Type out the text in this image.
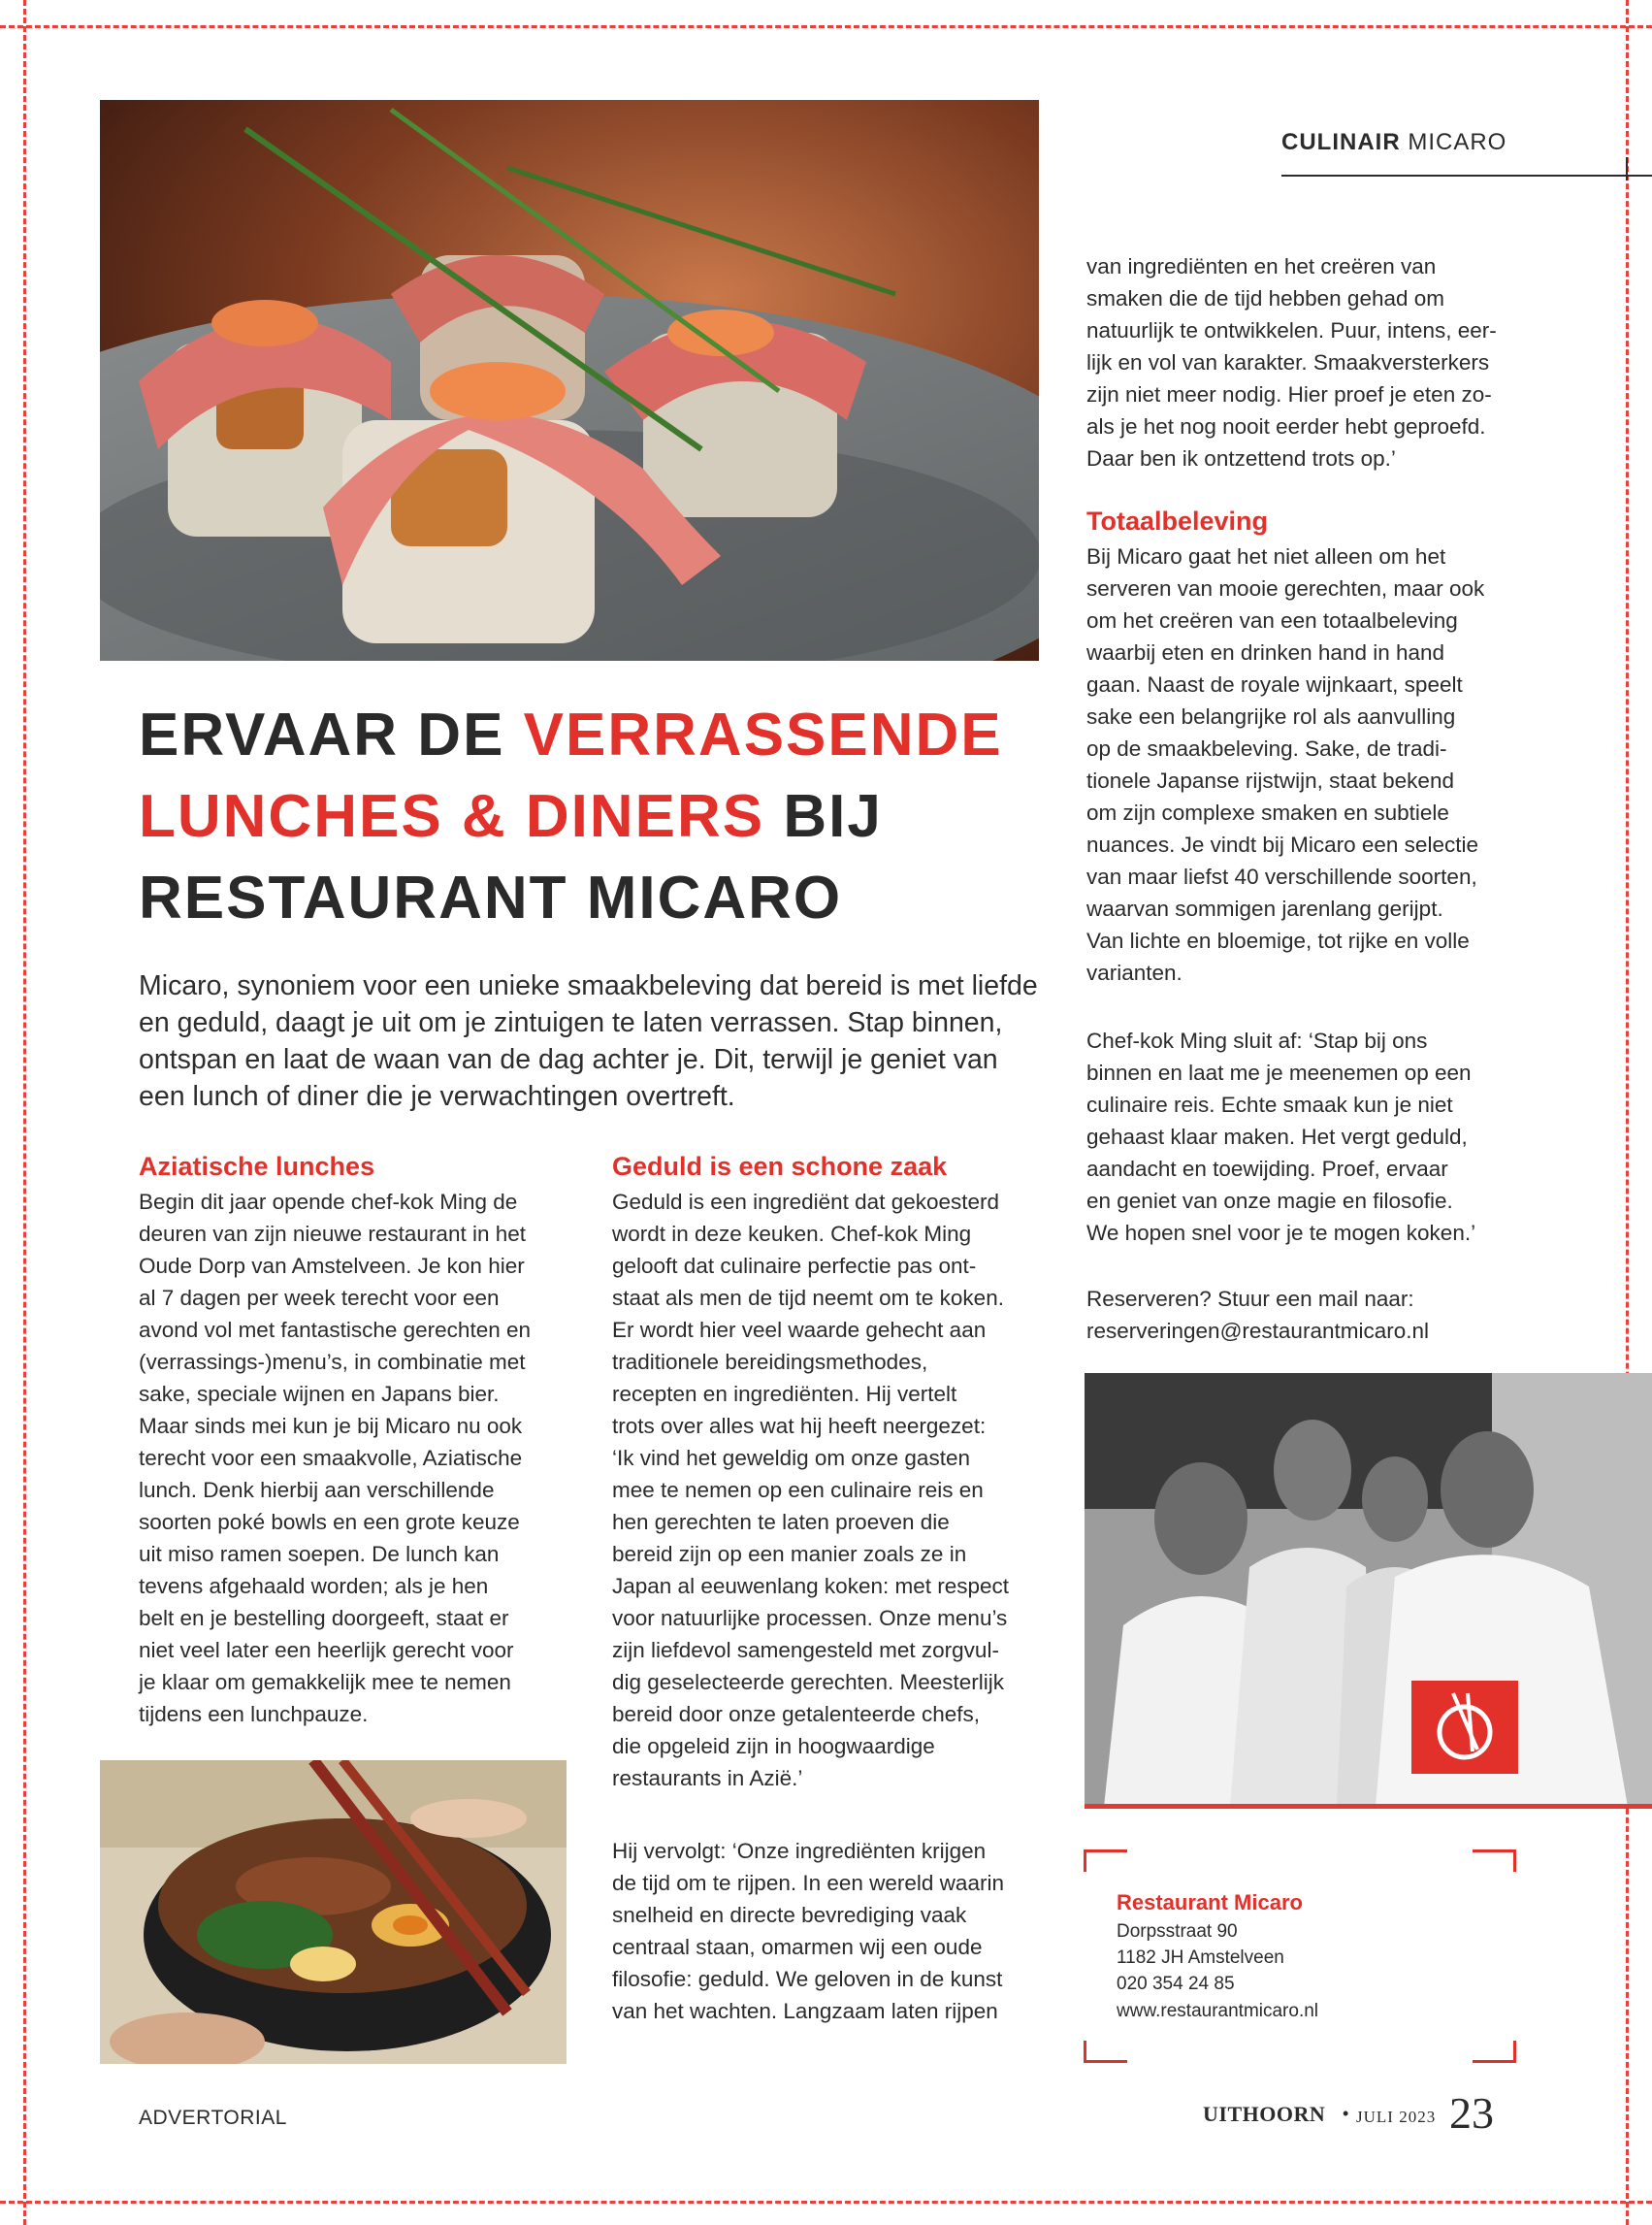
CULINAIR MICARO
ERVAAR DE VERRASSENDE
LUNCHES & DINERS BIJ
RESTAURANT MICARO
Micaro, synoniem voor een unieke smaakbeleving dat bereid is met liefde en geduld, daagt je uit om je zintuigen te laten verrassen. Stap binnen, ontspan en laat de waan van de dag achter je. Dit, terwijl je geniet van een lunch of diner die je verwachtingen overtreft.
Aziatische lunches
Begin dit jaar opende chef-kok Ming de
deuren van zijn nieuwe restaurant in het
Oude Dorp van Amstelveen. Je kon hier
al 7 dagen per week terecht voor een
avond vol met fantastische gerechten en
(verrassings-)menu’s, in combinatie met
sake, speciale wijnen en Japans bier.
Maar sinds mei kun je bij Micaro nu ook
terecht voor een smaakvolle, Aziatische
lunch. Denk hierbij aan verschillende
soorten poké bowls en een grote keuze
uit miso ramen soepen. De lunch kan
tevens afgehaald worden; als je hen
belt en je bestelling doorgeeft, staat er
niet veel later een heerlijk gerecht voor
je klaar om gemakkelijk mee te nemen
tijdens een lunchpauze.
Geduld is een schone zaak
Geduld is een ingrediënt dat gekoesterd
wordt in deze keuken. Chef-kok Ming
gelooft dat culinaire perfectie pas ont-
staat als men de tijd neemt om te koken.
Er wordt hier veel waarde gehecht aan
traditionele bereidingsmethodes,
recepten en ingrediënten. Hij vertelt
trots over alles wat hij heeft neergezet:
‘Ik vind het geweldig om onze gasten
mee te nemen op een culinaire reis en
hen gerechten te laten proeven die
bereid zijn op een manier zoals ze in
Japan al eeuwenlang koken: met respect
voor natuurlijke processen. Onze menu’s
zijn liefdevol samengesteld met zorgvul-
dig geselecteerde gerechten. Meesterlijk
bereid door onze getalenteerde chefs,
die opgeleid zijn in hoogwaardige
restaurants in Azië.’
Hij vervolgt: ‘Onze ingrediënten krijgen
de tijd om te rijpen. In een wereld waarin
snelheid en directe bevrediging vaak
centraal staan, omarmen wij een oude
filosofie: geduld. We geloven in de kunst
van het wachten. Langzaam laten rijpen
van ingrediënten en het creëren van
smaken die de tijd hebben gehad om
natuurlijk te ontwikkelen. Puur, intens, eer-
lijk en vol van karakter. Smaakversterkers
zijn niet meer nodig. Hier proef je eten zo-
als je het nog nooit eerder hebt geproefd.
Daar ben ik ontzettend trots op.’
Totaalbeleving
Bij Micaro gaat het niet alleen om het
serveren van mooie gerechten, maar ook
om het creëren van een totaalbeleving
waarbij eten en drinken hand in hand
gaan. Naast de royale wijnkaart, speelt
sake een belangrijke rol als aanvulling
op de smaakbeleving. Sake, de tradi-
tionele Japanse rijstwijn, staat bekend
om zijn complexe smaken en subtiele
nuances. Je vindt bij Micaro een selectie
van maar liefst 40 verschillende soorten,
waarvan sommigen jarenlang gerijpt.
Van lichte en bloemige, tot rijke en volle
varianten.
Chef-kok Ming sluit af: ‘Stap bij ons
binnen en laat me je meenemen op een
culinaire reis. Echte smaak kun je niet
gehaast klaar maken. Het vergt geduld,
aandacht en toewijding. Proef, ervaar
en geniet van onze magie en filosofie.
We hopen snel voor je te mogen koken.’
Reserveren? Stuur een mail naar:
reserveringen@restaurantmicaro.nl
Restaurant Micaro
Dorpsstraat 90
1182 JH Amstelveen
020 354 24 85
www.restaurantmicaro.nl
ADVERTORIAL	UITHOORN • JULI 2023 23
